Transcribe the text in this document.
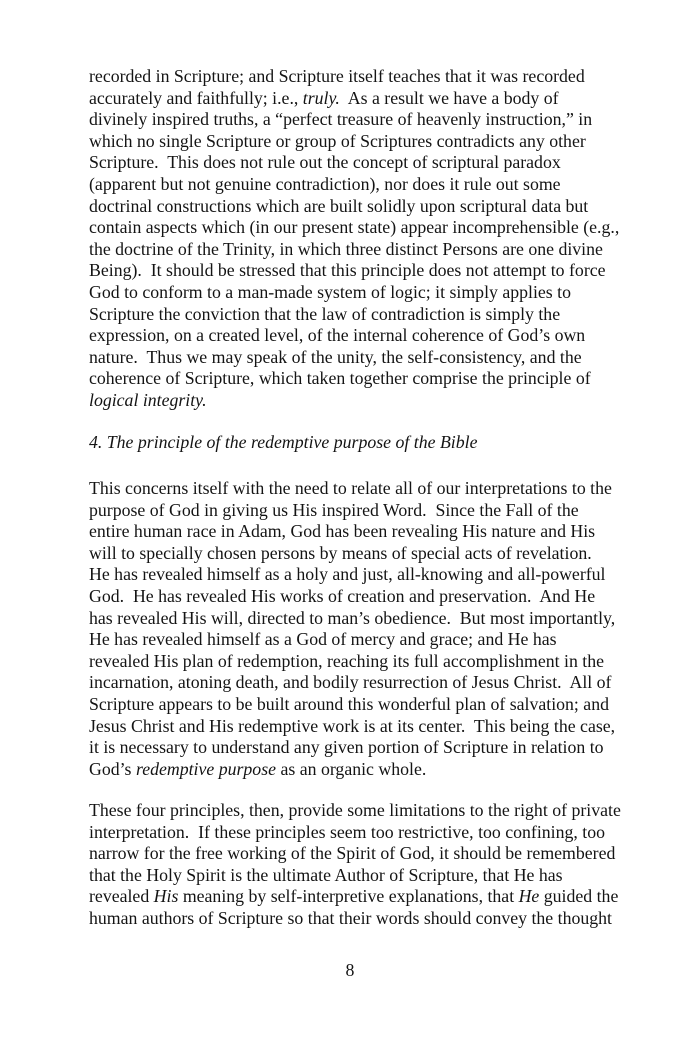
recorded in Scripture; and Scripture itself teaches that it was recorded
accurately and faithfully; i.e., truly.  As a result we have a body of
divinely inspired truths, a “perfect treasure of heavenly instruction,” in
which no single Scripture or group of Scriptures contradicts any other
Scripture.  This does not rule out the concept of scriptural paradox
(apparent but not genuine contradiction), nor does it rule out some
doctrinal constructions which are built solidly upon scriptural data but
contain aspects which (in our present state) appear incomprehensible (e.g.,
the doctrine of the Trinity, in which three distinct Persons are one divine
Being).  It should be stressed that this principle does not attempt to force
God to conform to a man-made system of logic; it simply applies to
Scripture the conviction that the law of contradiction is simply the
expression, on a created level, of the internal coherence of God’s own
nature.  Thus we may speak of the unity, the self-consistency, and the
coherence of Scripture, which taken together comprise the principle of
logical integrity.
4. The principle of the redemptive purpose of the Bible
This concerns itself with the need to relate all of our interpretations to the
purpose of God in giving us His inspired Word.  Since the Fall of the
entire human race in Adam, God has been revealing His nature and His
will to specially chosen persons by means of special acts of revelation.
He has revealed himself as a holy and just, all-knowing and all-powerful
God.  He has revealed His works of creation and preservation.  And He
has revealed His will, directed to man’s obedience.  But most importantly,
He has revealed himself as a God of mercy and grace; and He has
revealed His plan of redemption, reaching its full accomplishment in the
incarnation, atoning death, and bodily resurrection of Jesus Christ.  All of
Scripture appears to be built around this wonderful plan of salvation; and
Jesus Christ and His redemptive work is at its center.  This being the case,
it is necessary to understand any given portion of Scripture in relation to
God’s redemptive purpose as an organic whole.
These four principles, then, provide some limitations to the right of private
interpretation.  If these principles seem too restrictive, too confining, too
narrow for the free working of the Spirit of God, it should be remembered
that the Holy Spirit is the ultimate Author of Scripture, that He has
revealed His meaning by self-interpretive explanations, that He guided the
human authors of Scripture so that their words should convey the thought
8
